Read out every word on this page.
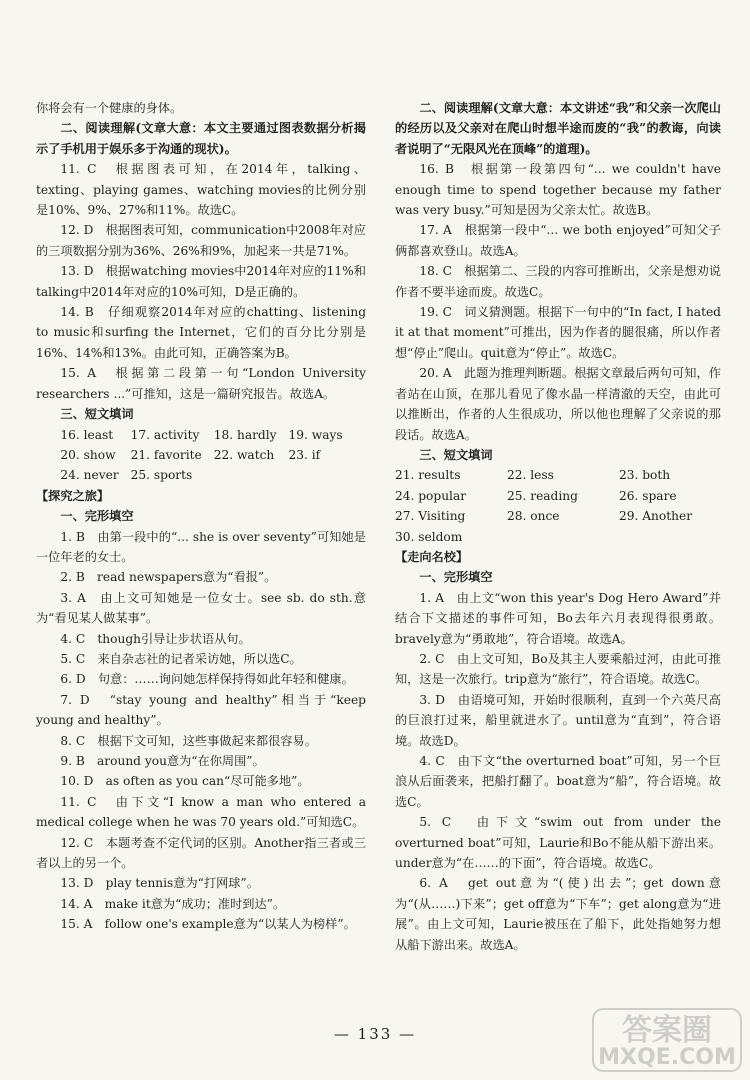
你将会有一个健康的身体。

二、阅读理解(文章大意：本文主要通过图表数据分析揭示了手机用于娱乐多于沟通的现状)。

11. C　根据图表可知，在2014年，talking、texting、playing games、watching movies的比例分别是10%、9%、27%和11%。故选C。

12. D　根据图表可知，communication中2008年对应的三项数据分别为36%、26%和9%，加起来一共是71%。

13. D　根据watching movies中2014年对应的11%和talking中2014年对应的10%可知，D是正确的。

14. B　仔细观察2014年对应的chatting、listening to music和surfing the Internet，它们的百分比分别是16%、14%和13%。由此可知，正确答案为B。

15. A　根据第二段第一句“London University researchers ...”可推知，这是一篇研究报告。故选A。

三、短文填词

16. least	17. activity 18. hardly 19. ways
20. show 21. favorite 22. watch 23. if
24. never 25. sports

【探究之旅】

一、完形填空

1. B　由第一段中的“... she is over seventy”可知她是一位年老的女士。

2. B　read newspapers意为“看报”。

3. A　由上文可知她是一位女士。see sb. do sth.意为“看见某人做某事”。

4. C　though引导让步状语从句。

5. C　来自杂志社的记者采访她，所以选C。

6. D　句意：……询问她怎样保持得如此年轻和健康。

7. D　“stay young and healthy”相当于“keep young and healthy”。

8. C　根据下文可知，这些事做起来都很容易。

9. B　around you意为“在你周围”。

10. D　as often as you can“尽可能多地”。

11. C　由下文“I know a man who entered a medical college when he was 70 years old.”可知选C。

12. C　本题考查不定代词的区别。Another指三者或三者以上的另一个。

13. D　play tennis意为“打网球”。

14. A　make it意为“成功；准时到达”。

15. A　follow one's example意为“以某人为榜样”。

二、阅读理解(文章大意：本文讲述“我”和父亲一次爬山的经历以及父亲对在爬山时想半途而废的“我”的教诲，向读者说明了“无限风光在顶峰”的道理)。

16. B　根据第一段第四句“... we couldn't have enough time to spend together because my father was very busy.”可知是因为父亲太忙。故选B。

17. A　根据第一段中“... we both enjoyed”可知父子俩都喜欢登山。故选A。

18. C　根据第二、三段的内容可推断出，父亲是想劝说作者不要半途而废。故选C。

19. C　词义猜测题。根据下一句中的“In fact, I hated it at that moment”可推出，因为作者的腿很痛，所以作者想“停止”爬山。quit意为“停止”。故选C。

20. A　此题为推理判断题。根据文章最后两句可知，作者站在山顶，在那儿看见了像水晶一样清澈的天空，由此可以推断出，作者的人生很成功，所以他也理解了父亲说的那段话。故选A。

三、短文填词

21. results	22. less	23. both
24. popular	25. reading	26. spare
27. Visiting	28. once	29. Another
30. seldom

【走向名校】

一、完形填空

1. A　由上文“won this year's Dog Hero Award”并结合下文描述的事件可知，Bo去年六月表现得很勇敢。bravely意为“勇敢地”，符合语境。故选A。

2. C　由上文可知，Bo及其主人要乘船过河，由此可推知，这是一次旅行。trip意为“旅行”，符合语境。故选C。

3. D　由语境可知，开始时很顺利，直到一个六英尺高的巨浪打过来，船里就进水了。until意为“直到”，符合语境。故选D。

4. C　由下文“the overturned boat”可知，另一个巨浪从后面袭来，把船打翻了。boat意为“船”，符合语境。故选C。

5. C　由下文“swim out from under the overturned boat”可知，Laurie和Bo不能从船下游出来。under意为“在……的下面”，符合语境。故选C。

6. A　get out意为“(使)出去”；get down意为“(从……)下来”；get off意为“下车”；get along意为“进展”。由上文可知，Laurie被压在了船下，此处指她努力想从船下游出来。故选A。

— 133 —	答案圈
MXQE.COM
